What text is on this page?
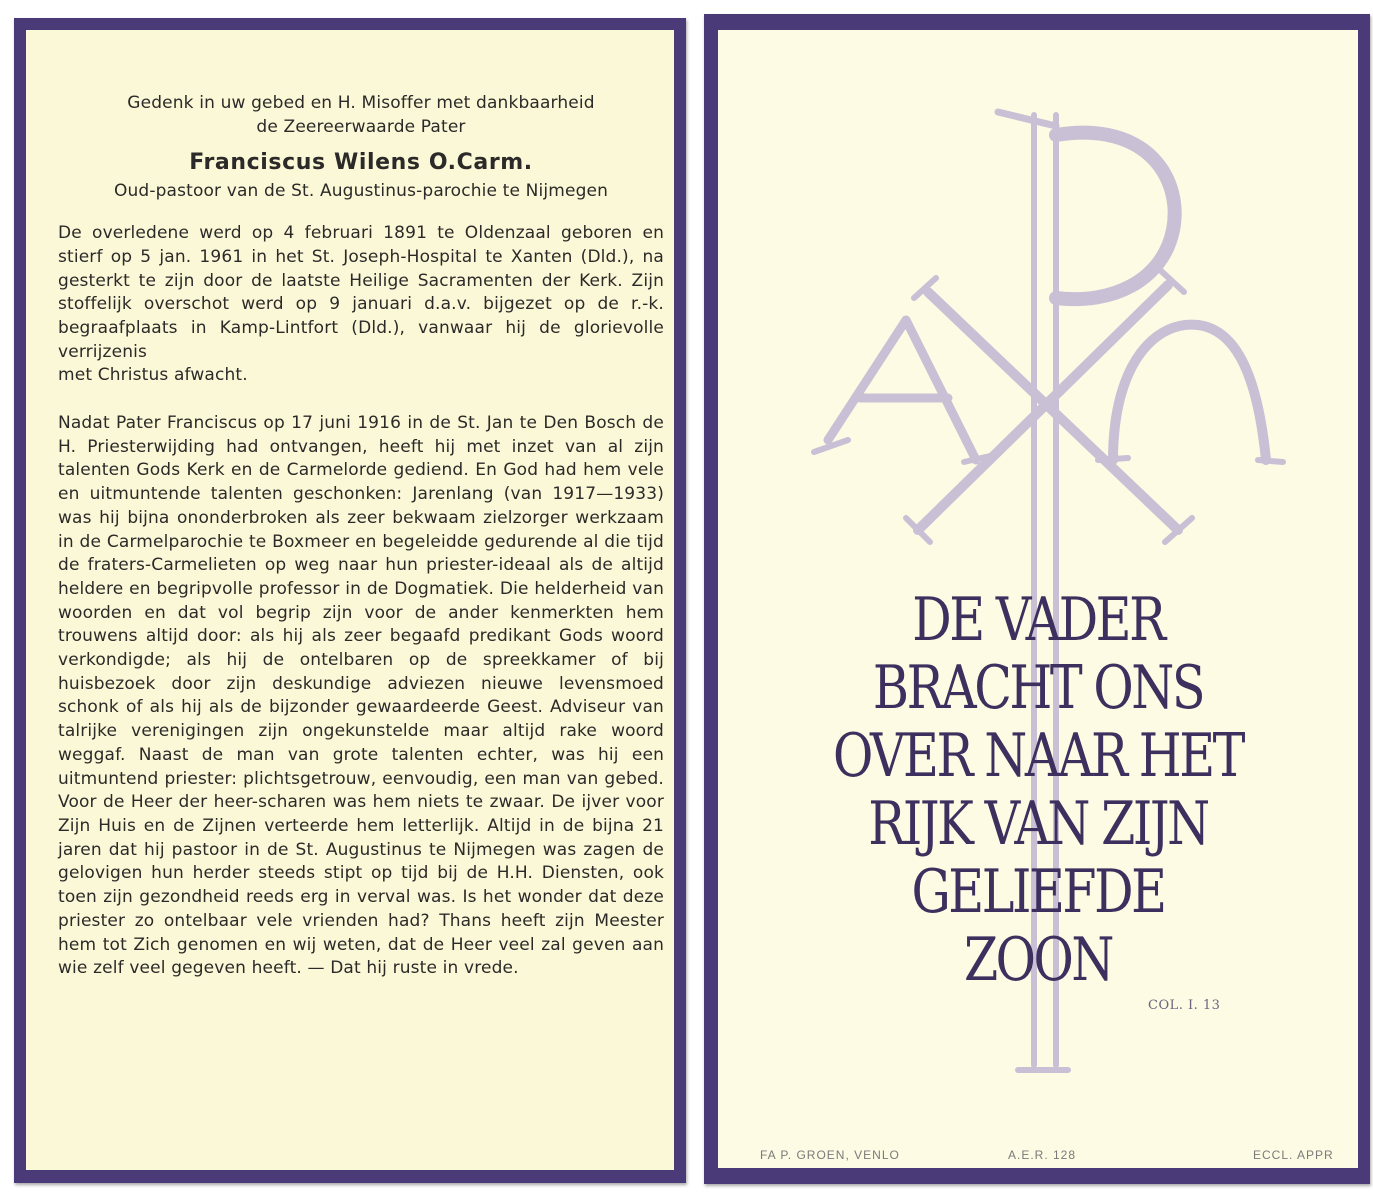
Gedenk in uw gebed en H. Misoffer met dankbaarheid
de Zeereerwaarde Pater
Franciscus Wilens O.Carm.
Oud-pastoor van de St. Augustinus-parochie te Nijmegen
De overledene werd op 4 februari 1891 te Oldenzaal geboren en stierf op 5 jan. 1961 in het St. Joseph-Hospital te Xanten (Dld.), na gesterkt te zijn door de laatste Heilige Sacramenten der Kerk. Zijn stoffelijk overschot werd op 9 januari d.a.v. bijgezet op de r.-k. begraafplaats in Kamp-Lintfort (Dld.), vanwaar hij de glorievolle verrijzenis
met Christus afwacht.
Nadat Pater Franciscus op 17 juni 1916 in de St. Jan te Den Bosch de H. Priesterwijding had ontvangen, heeft hij met inzet van al zijn talenten Gods Kerk en de Carmelorde gediend. En God had hem vele en uitmuntende talenten geschonken: Jarenlang (van 1917—1933) was hij bijna ononderbroken als zeer bekwaam zielzorger werkzaam in de Carmelparochie te Boxmeer en begeleidde gedurende al die tijd de fraters-Carmelieten op weg naar hun priester-ideaal als de altijd heldere en begripvolle professor in de Dogmatiek. Die helderheid van woorden en dat vol begrip zijn voor de ander kenmerkten hem trouwens altijd door: als hij als zeer begaafd predikant Gods woord verkondigde; als hij de ontelbaren op de spreekkamer of bij huisbezoek door zijn deskundige adviezen nieuwe levensmoed schonk of als hij als de bijzonder gewaardeerde Geest. Adviseur van talrijke verenigingen zijn ongekunstelde maar altijd rake woord weggaf. Naast de man van grote talenten echter, was hij een uitmuntend priester: plichtsgetrouw, eenvoudig, een man van gebed. Voor de Heer der heer-scharen was hem niets te zwaar. De ijver voor Zijn Huis en de Zijnen verteerde hem letterlijk. Altijd in de bijna 21 jaren dat hij pastoor in de St. Augustinus te Nijmegen was zagen de gelovigen hun herder steeds stipt op tijd bij de H.H. Diensten, ook toen zijn gezondheid reeds erg in verval was. Is het wonder dat deze priester zo ontelbaar vele vrienden had? Thans heeft zijn Meester hem tot Zich genomen en wij weten, dat de Heer veel zal geven aan wie zelf veel gegeven heeft. — Dat hij ruste in vrede.
DE VADER
BRACHT ONS
OVER NAAR HET
RIJK VAN ZIJN
GELIEFDE
ZOON
COL. I. 13
FA P. GROEN, VENLO	A.E.R. 128	ECCL. APPR
